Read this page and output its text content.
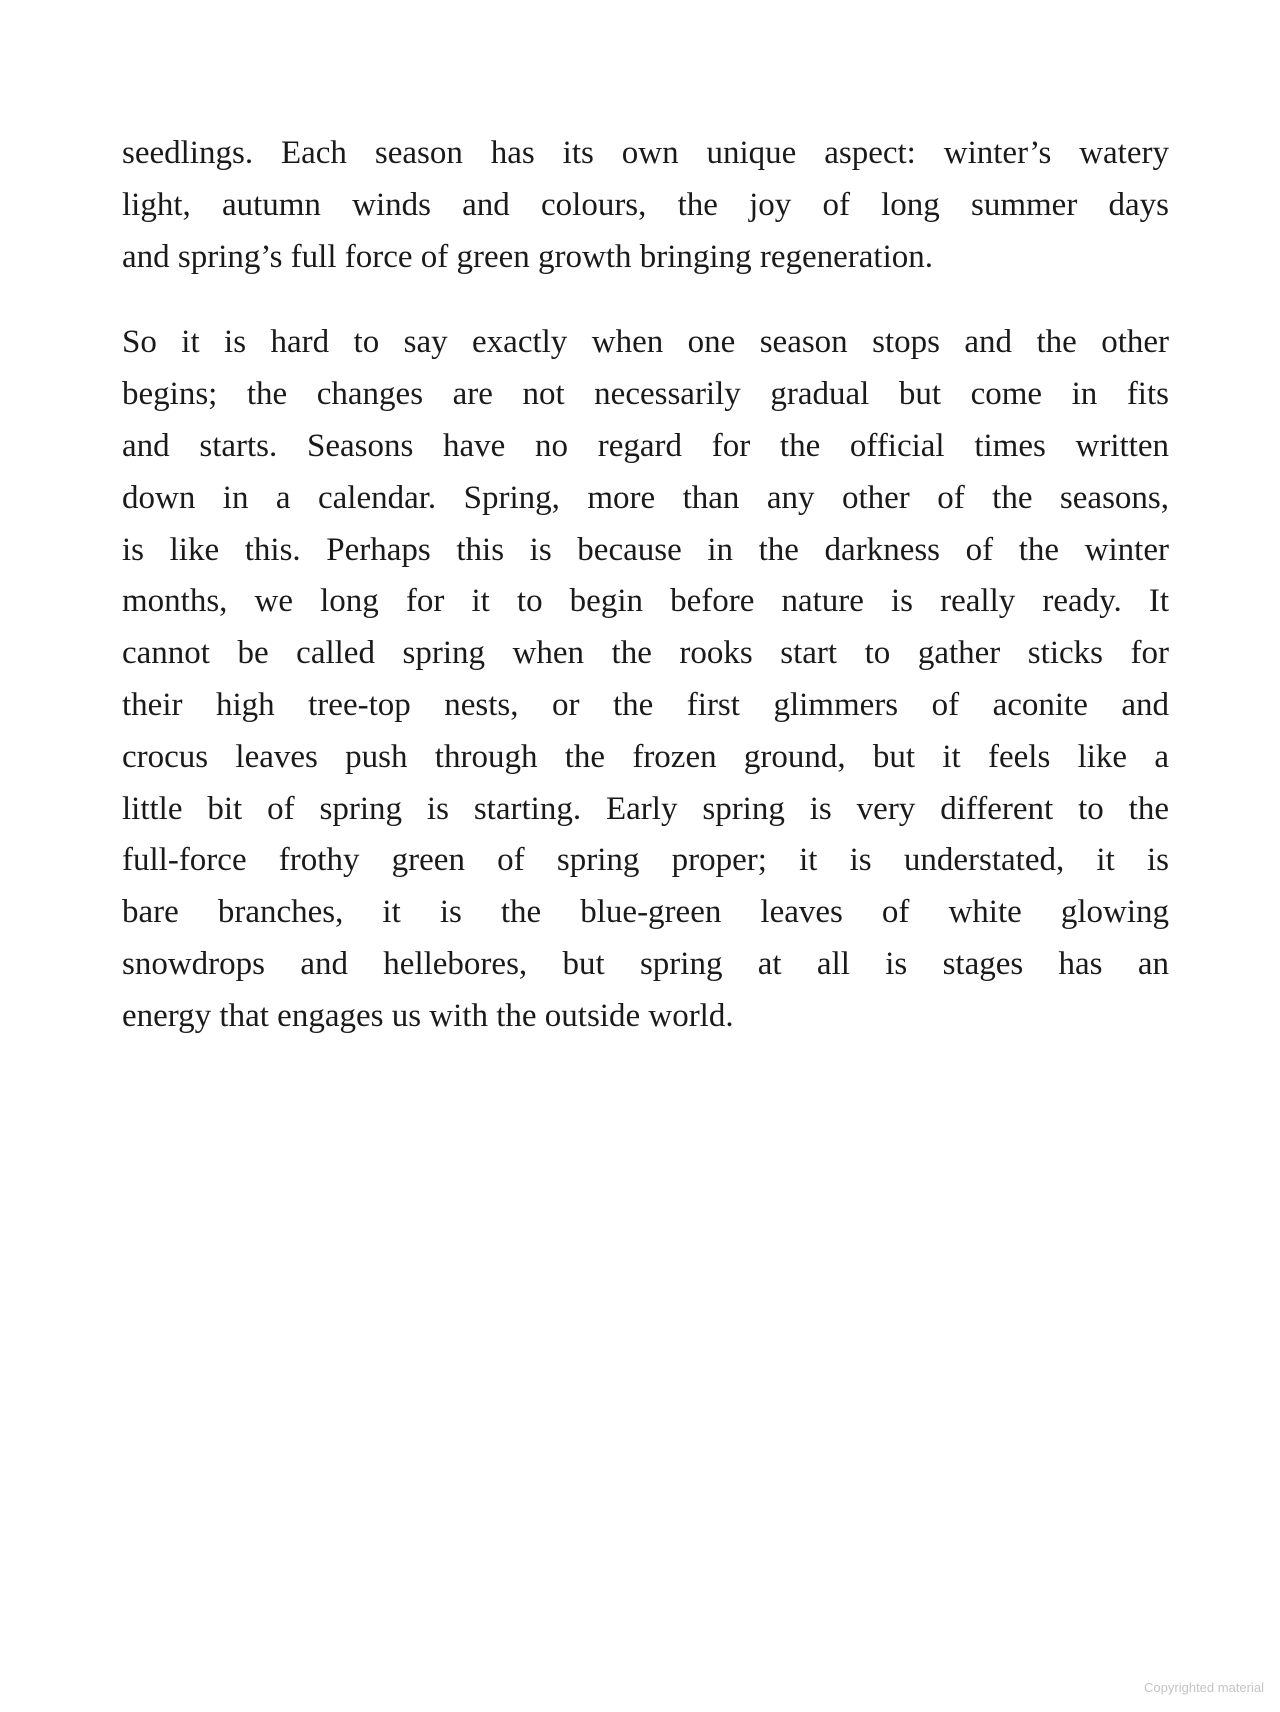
seedlings. Each season has its own unique aspect: winter’s watery
light, autumn winds and colours, the joy of long summer days
and spring’s full force of green growth bringing regeneration.

So it is hard to say exactly when one season stops and the other
begins; the changes are not necessarily gradual but come in fits
and starts. Seasons have no regard for the official times written
down in a calendar. Spring, more than any other of the seasons,
is like this. Perhaps this is because in the darkness of the winter
months, we long for it to begin before nature is really ready. It
cannot be called spring when the rooks start to gather sticks for
their high tree-top nests, or the first glimmers of aconite and
crocus leaves push through the frozen ground, but it feels like a
little bit of spring is starting. Early spring is very different to the
full-force frothy green of spring proper; it is understated, it is
bare branches, it is the blue-green leaves of white glowing
snowdrops and hellebores, but spring at all is stages has an
energy that engages us with the outside world.

Copyrighted material
